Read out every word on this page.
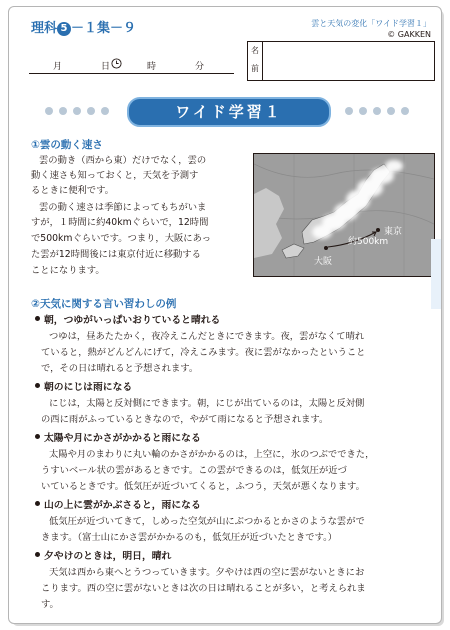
理科 5 －１集－９	雲と天気の変化「ワイド学習１」
© GAKKEN
月	日	時	分
名
前
ワイド学習１
①雲の動く速さ
雲の動き（西から東）だけでなく，雲の
動く速さも知っておくと，天気を予測す
るときに便利です。
雲の動く速さは季節によってもちがいま
すが，１時間に約40kmぐらいで，12時間
で500kmぐらいです。つまり，大阪にあっ
た雲が12時間後には東京付近に移動する
ことになります。
東京
約500km
大阪
②天気に関する言い習わしの例
朝，つゆがいっぱいおりていると晴れる
つゆは，昼あたたかく，夜冷えこんだときにできます。夜，雲がなくて晴れ
ていると，熱がどんどんにげて，冷えこみます。夜に雲がなかったということ
で，その日は晴れると予想されます。
朝のにじは雨になる
にじは，太陽と反対側にできます。朝，にじが出ているのは，太陽と反対側
の西に雨がふっているときなので，やがて雨になると予想されます。
太陽や月にかさがかかると雨になる
太陽や月のまわりに丸い輪のかさがかかるのは，上空に，氷のつぶでできた，
うすいベール状の雲があるときです。この雲ができるのは，低気圧が近づ
いているときです。低気圧が近づいてくると，ふつう，天気が悪くなります。
山の上に雲がかぶさると，雨になる
低気圧が近づいてきて，しめった空気が山にぶつかるとかさのような雲がで
きます。（富士山にかさ雲がかかるのも，低気圧が近づいたときです。）
夕やけのときは，明日，晴れ
天気は西から東へとうつっていきます。夕やけは西の空に雲がないときにお
こります。西の空に雲がないときは次の日は晴れることが多い，と考えられま
す。
